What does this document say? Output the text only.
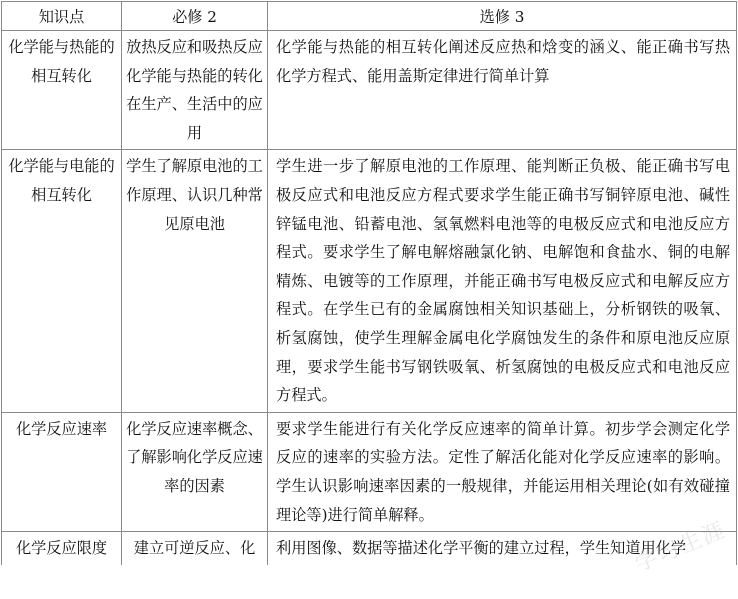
知识点	必修 2	选修 3
化学能与热能的相互转化	放热反应和吸热反应化学能与热能的转化在生产、生活中的应用	化学能与热能的相互转化阐述反应热和焓变的涵义、能正确书写热化学方程式、能用盖斯定律进行简单计算
化学能与电能的相互转化	学生了解原电池的工作原理、认识几种常见原电池	学生进一步了解原电池的工作原理、能判断正负极、能正确书写电极反应式和电池反应方程式要求学生能正确书写铜锌原电池、碱性锌锰电池、铅蓄电池、氢氧燃料电池等的电极反应式和电池反应方程式。要求学生了解电解熔融氯化钠、电解饱和食盐水、铜的电解精炼、电镀等的工作原理，并能正确书写电极反应式和电解反应方程式。在学生已有的金属腐蚀相关知识基础上，分析钢铁的吸氧、析氢腐蚀，使学生理解金属电化学腐蚀发生的条件和原电池反应原理，要求学生能书写钢铁吸氧、析氢腐蚀的电极反应式和电池反应方程式。
化学反应速率	化学反应速率概念、了解影响化学反应速率的因素	要求学生能进行有关化学反应速率的简单计算。初步学会测定化学反应的速率的实验方法。定性了解活化能对化学反应速率的影响。学生认识影响速率因素的一般规律，并能运用相关理论(如有效碰撞理论等)进行简单解释。
化学反应限度	建立可逆反应、化	利用图像、数据等描述化学平衡的建立过程，学生知道用化学
学习生涯
